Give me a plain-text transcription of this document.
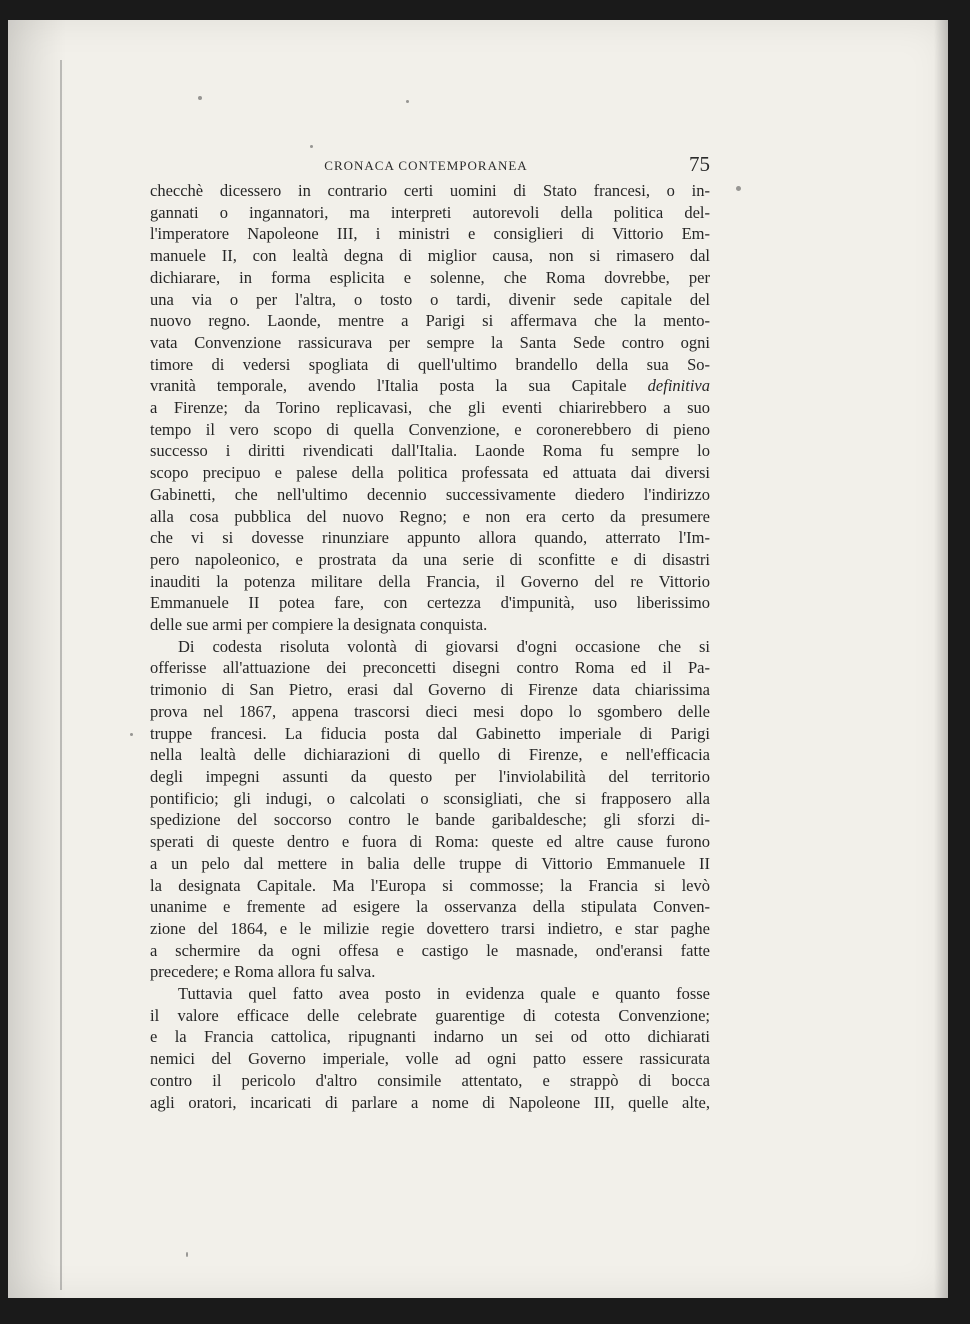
CRONACA CONTEMPORANEA	75
checchè dicessero in contrario certi uomini di Stato francesi, o in-
gannati o ingannatori, ma interpreti autorevoli della politica del-
l'imperatore Napoleone III, i ministri e consiglieri di Vittorio Em-
manuele II, con lealtà degna di miglior causa, non si rimasero dal
dichiarare, in forma esplicita e solenne, che Roma dovrebbe, per
una via o per l'altra, o tosto o tardi, divenir sede capitale del
nuovo regno. Laonde, mentre a Parigi si affermava che la mento-
vata Convenzione rassicurava per sempre la Santa Sede contro ogni
timore di vedersi spogliata di quell'ultimo brandello della sua So-
vranità temporale, avendo l'Italia posta la sua Capitale definitiva
a Firenze; da Torino replicavasi, che gli eventi chiarirebbero a suo
tempo il vero scopo di quella Convenzione, e coronerebbero di pieno
successo i diritti rivendicati dall'Italia. Laonde Roma fu sempre lo
scopo precipuo e palese della politica professata ed attuata dai diversi
Gabinetti, che nell'ultimo decennio successivamente diedero l'indirizzo
alla cosa pubblica del nuovo Regno; e non era certo da presumere
che vi si dovesse rinunziare appunto allora quando, atterrato l'Im-
pero napoleonico, e prostrata da una serie di sconfitte e di disastri
inauditi la potenza militare della Francia, il Governo del re Vittorio
Emmanuele II potea fare, con certezza d'impunità, uso liberissimo
delle sue armi per compiere la designata conquista.
Di codesta risoluta volontà di giovarsi d'ogni occasione che si
offerisse all'attuazione dei preconcetti disegni contro Roma ed il Pa-
trimonio di San Pietro, erasi dal Governo di Firenze data chiarissima
prova nel 1867, appena trascorsi dieci mesi dopo lo sgombero delle
truppe francesi. La fiducia posta dal Gabinetto imperiale di Parigi
nella lealtà delle dichiarazioni di quello di Firenze, e nell'efficacia
degli impegni assunti da questo per l'inviolabilità del territorio
pontificio; gli indugi, o calcolati o sconsigliati, che si frapposero alla
spedizione del soccorso contro le bande garibaldesche; gli sforzi di-
sperati di queste dentro e fuora di Roma: queste ed altre cause furono
a un pelo dal mettere in balia delle truppe di Vittorio Emmanuele II
la designata Capitale. Ma l'Europa si commosse; la Francia si levò
unanime e fremente ad esigere la osservanza della stipulata Conven-
zione del 1864, e le milizie regie dovettero trarsi indietro, e star paghe
a schermire da ogni offesa e castigo le masnade, ond'eransi fatte
precedere; e Roma allora fu salva.
Tuttavia quel fatto avea posto in evidenza quale e quanto fosse
il valore efficace delle celebrate guarentige di cotesta Convenzione;
e la Francia cattolica, ripugnanti indarno un sei od otto dichiarati
nemici del Governo imperiale, volle ad ogni patto essere rassicurata
contro il pericolo d'altro consimile attentato, e strappò di bocca
agli oratori, incaricati di parlare a nome di Napoleone III, quelle alte,
